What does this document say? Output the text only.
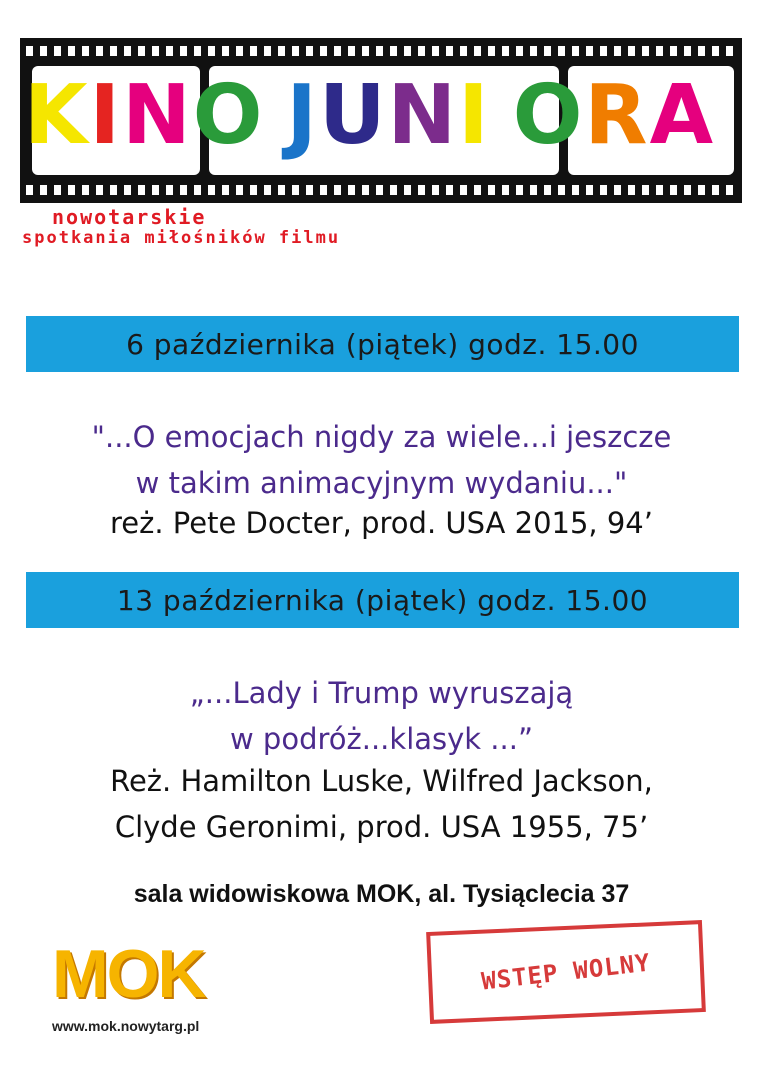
KINO JUNI ORA

nowotarskie
spotkania miłośników filmu

6 października (piątek) godz. 15.00

"...O emocjach nigdy za wiele...i jeszcze
w takim animacyjnym wydaniu..."

reż. Pete Docter, prod. USA 2015, 94’

13 października (piątek) godz. 15.00

„...Lady i Trump wyruszają
w podróż...klasyk ...”

Reż. Hamilton Luske, Wilfred Jackson,
Clyde Geronimi, prod. USA 1955, 75’

sala widowiskowa MOK, al. Tysiąclecia 37

MOK

www.mok.nowytarg.pl

WSTĘP WOLNY
